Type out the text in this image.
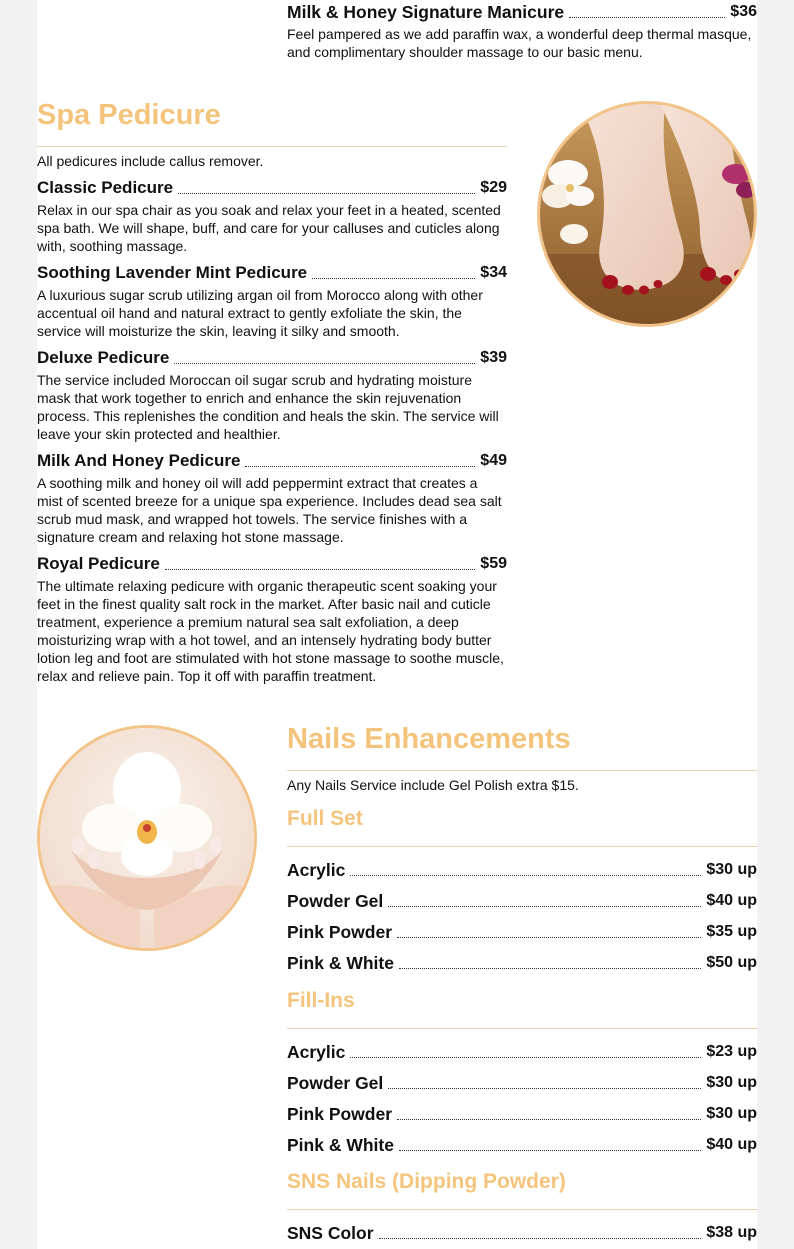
Milk & Honey Signature Manicure	$36
Feel pampered as we add paraffin wax, a wonderful deep thermal masque, and complimentary shoulder massage to our basic menu.
Spa Pedicure
All pedicures include callus remover.
Classic Pedicure	$29
Relax in our spa chair as you soak and relax your feet in a heated, scented spa bath. We will shape, buff, and care for your calluses and cuticles along with, soothing massage.
Soothing Lavender Mint Pedicure	$34
A luxurious sugar scrub utilizing argan oil from Morocco along with other accentual oil hand and natural extract to gently exfoliate the skin, the service will moisturize the skin, leaving it silky and smooth.
Deluxe Pedicure	$39
The service included Moroccan oil sugar scrub and hydrating moisture mask that work together to enrich and enhance the skin rejuvenation process. This replenishes the condition and heals the skin. The service will leave your skin protected and healthier.
Milk And Honey Pedicure	$49
A soothing milk and honey oil will add peppermint extract that creates a mist of scented breeze for a unique spa experience. Includes dead sea salt scrub mud mask, and wrapped hot towels. The service finishes with a signature cream and relaxing hot stone massage.
Royal Pedicure	$59
The ultimate relaxing pedicure with organic therapeutic scent soaking your feet in the finest quality salt rock in the market. After basic nail and cuticle treatment, experience a premium natural sea salt exfoliation, a deep moisturizing wrap with a hot towel, and an intensely hydrating body butter lotion leg and foot are stimulated with hot stone massage to soothe muscle, relax and relieve pain. Top it off with paraffin treatment.
Nails Enhancements
Any Nails Service include Gel Polish extra $15.
Full Set
Acrylic	$30 up
Powder Gel	$40 up
Pink Powder	$35 up
Pink & White	$50 up
Fill-Ins
Acrylic	$23 up
Powder Gel	$30 up
Pink Powder	$30 up
Pink & White	$40 up
SNS Nails (Dipping Powder)
SNS Color	$38 up
